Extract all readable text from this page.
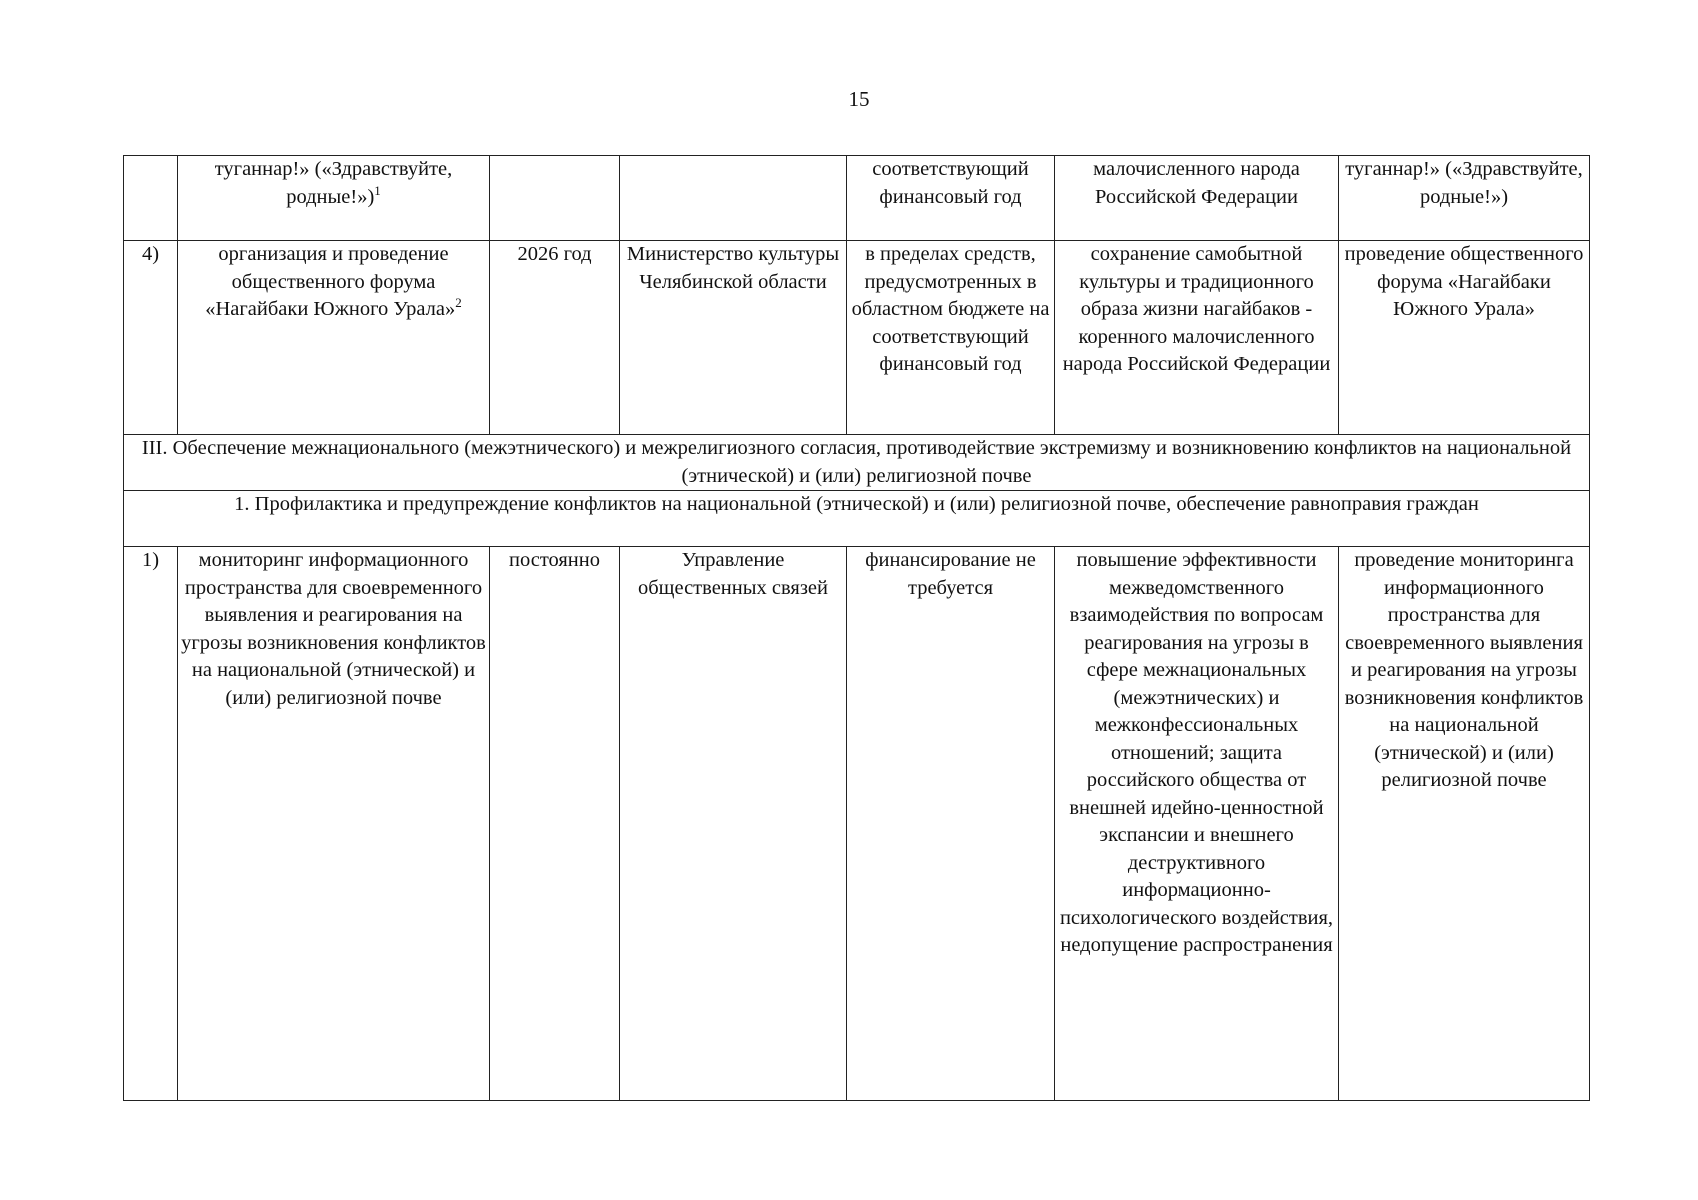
15
	туганнар!» («Здравствуйте, родные!»)$^1$			соответствующий финансовый год	малочисленного народа Российской Федерации	туганнар!» («Здравствуйте, родные!»)
4)	организация и проведение общественного форума «Нагайбаки Южного Урала»$^2$	2026 год	Министерство культуры Челябинской области	в пределах средств, предусмотренных в областном бюджете на соответствующий финансовый год	сохранение самобытной культуры и традиционного образа жизни нагайбаков - коренного малочисленного народа Российской Федерации	проведение общественного форума «Нагайбаки Южного Урала»
III. Обеспечение межнационального (межэтнического) и межрелигиозного согласия, противодействие экстремизму и возникновению конфликтов на национальной (этнической) и (или) религиозной почве						
1. Профилактика и предупреждение конфликтов на национальной (этнической) и (или) религиозной почве, обеспечение равноправия граждан						
1)	мониторинг информационного пространства для своевременного выявления и реагирования на угрозы возникновения конфликтов на национальной (этнической) и (или) религиозной почве	постоянно	Управление общественных связей	финансирование не требуется	повышение эффективности межведомственного взаимодействия по вопросам реагирования на угрозы в сфере межнациональных (межэтнических) и межконфессиональных отношений; защита российского общества от внешней идейно-ценностной экспансии и внешнего деструктивного информационно-психологического воздействия, недопущение распространения	проведение мониторинга информационного пространства для своевременного выявления и реагирования на угрозы возникновения конфликтов на национальной (этнической) и (или) религиозной почве
